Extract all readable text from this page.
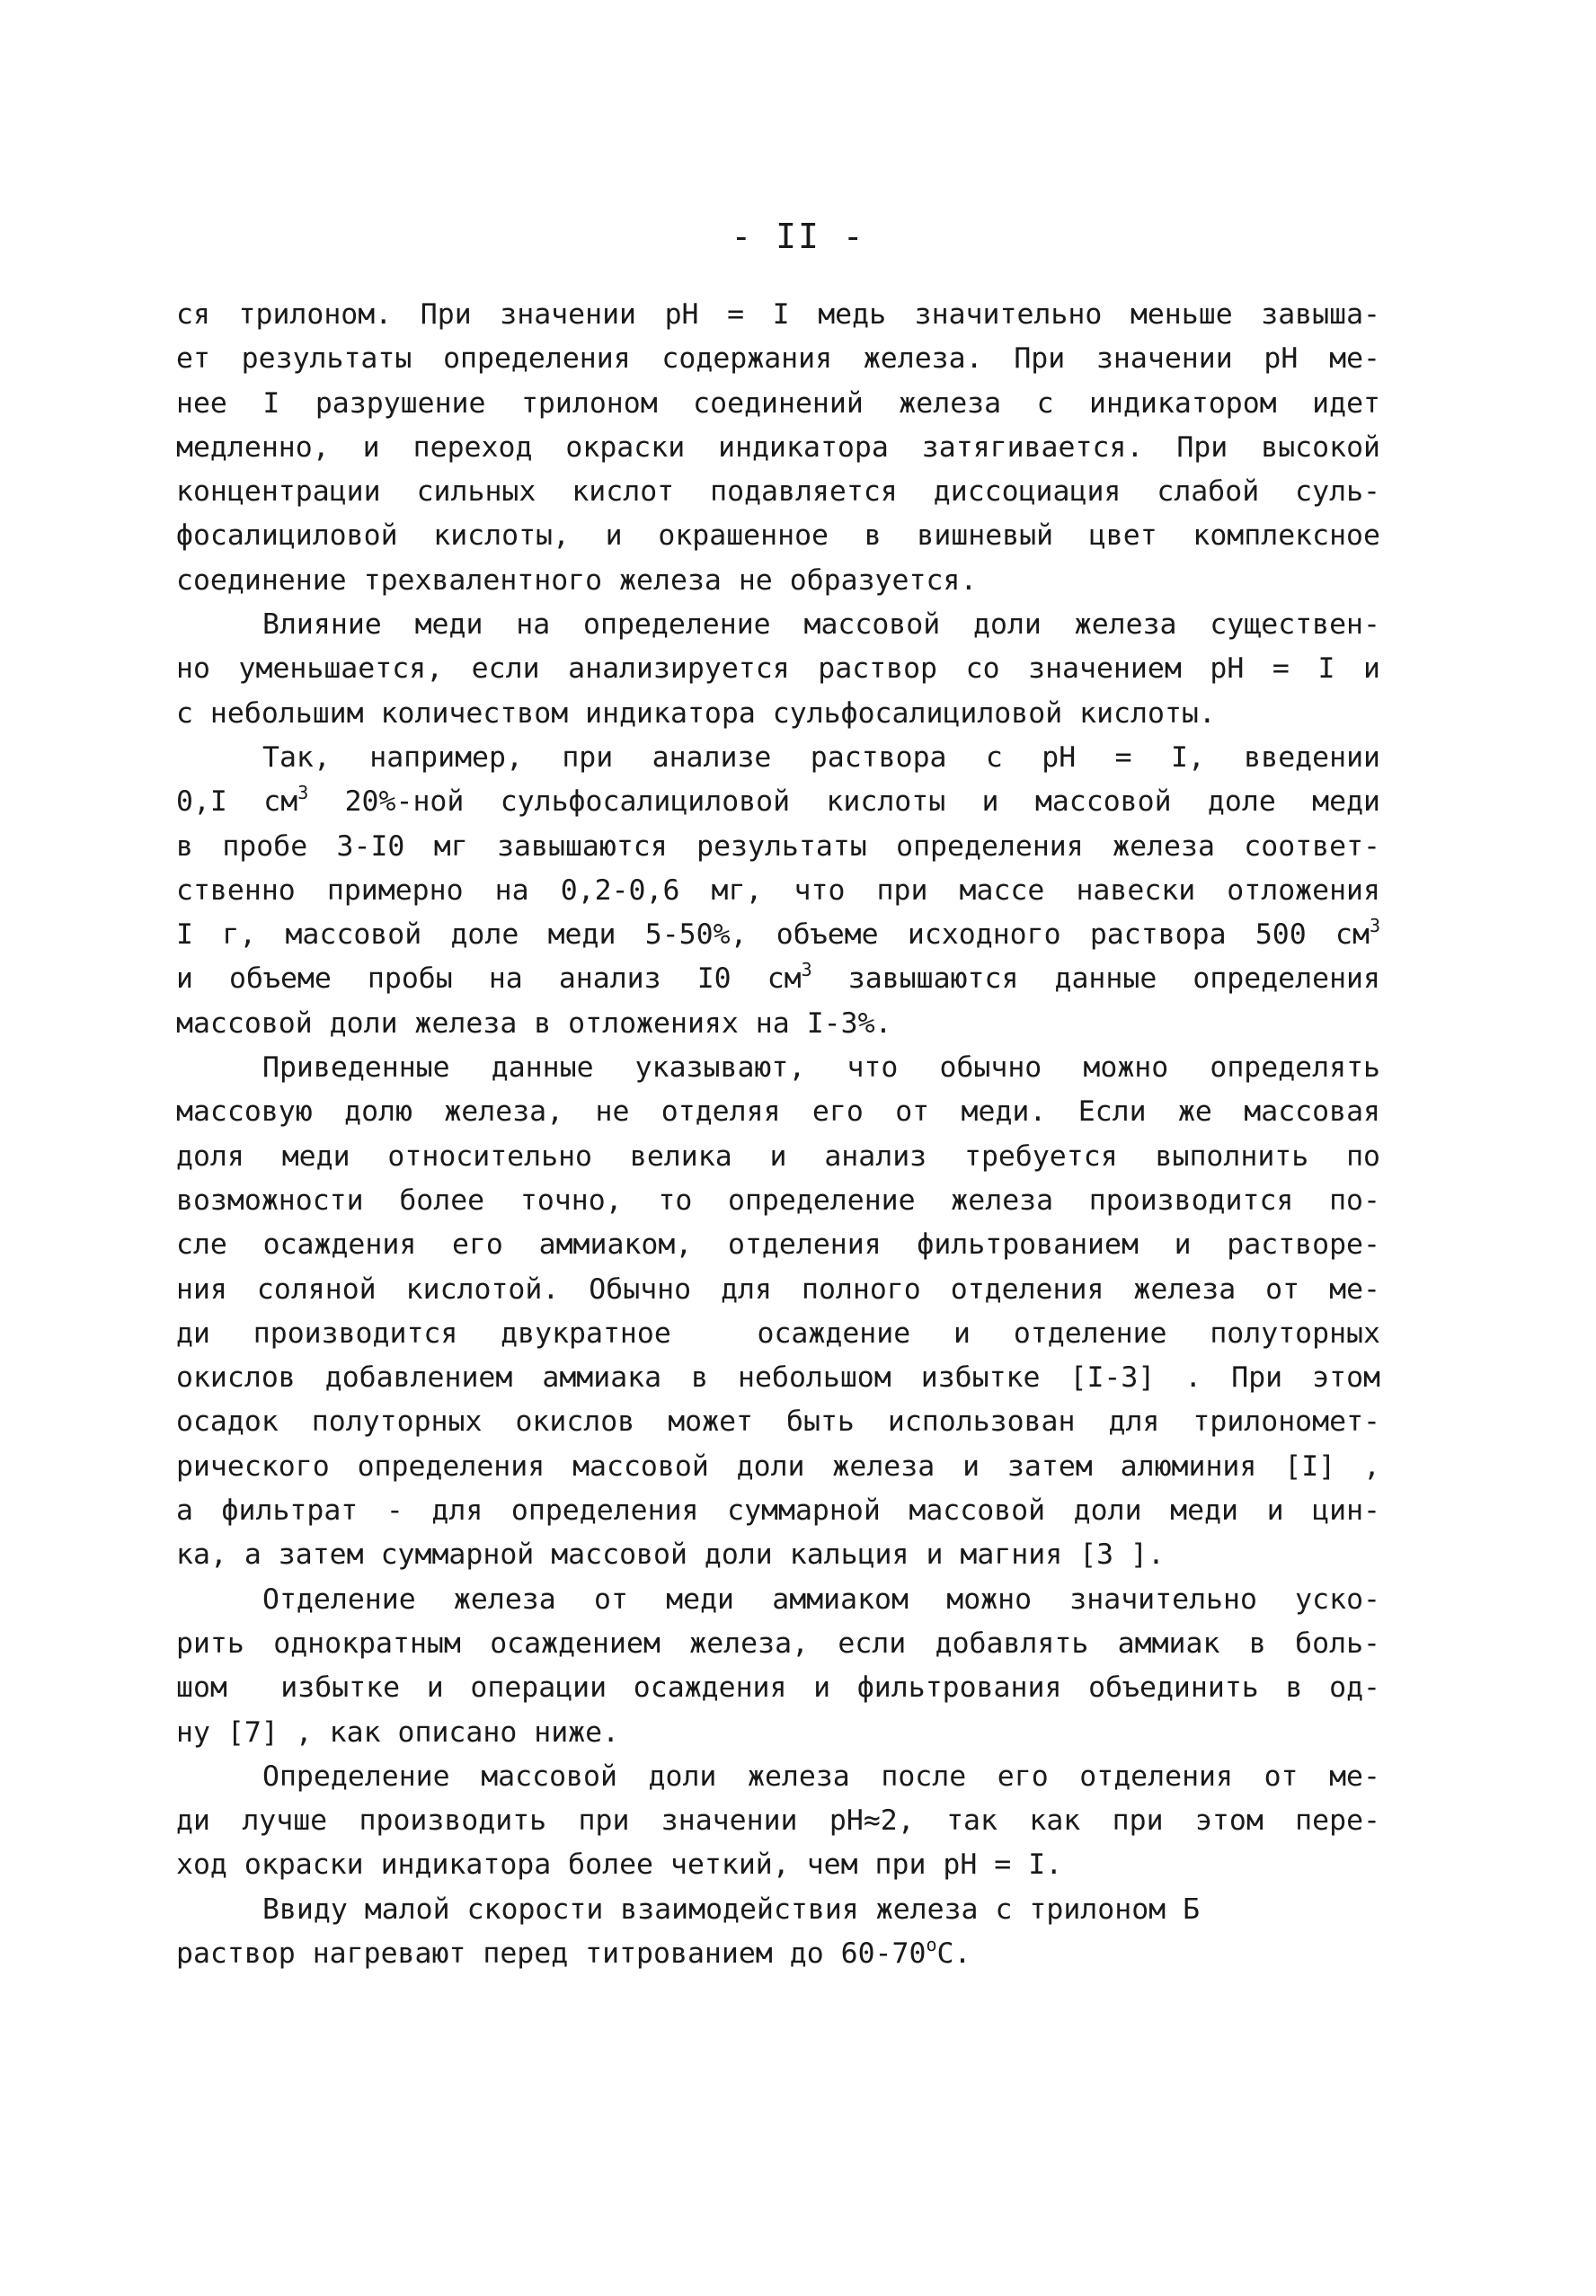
- II -

ся трилоном. При значении pH = I медь значительно меньше завыша-
ет результаты определения содержания железа. При значении pH ме-
нее I разрушение трилоном соединений железа с индикатором идет
медленно, и переход окраски индикатора затягивается. При высокой
концентрации сильных кислот подавляется диссоциация слабой суль-
фосалициловой кислоты, и окрашенное в вишневый цвет комплексное
соединение трехвалентного железа не образуется.

Влияние меди на определение массовой доли железа существен-
но уменьшается, если анализируется раствор со значением pH = I и
с небольшим количеством индикатора сульфосалициловой кислоты.

Так, например, при анализе раствора с pH = I, введении
0,I $см^3$ 20%-ной сульфосалициловой кислоты и массовой доле меди
в пробе 3-I0 мг завышаются результаты определения железа соответ-
ственно примерно на 0,2-0,6 мг, что при массе навески отложения
I г, массовой доле меди 5-50%, объеме исходного раствора 500 $см^3$
и объеме пробы на анализ I0 $см^3$ завышаются данные определения
массовой доли железа в отложениях на I-3%.

Приведенные данные указывают, что обычно можно определять
массовую долю железа, не отделяя его от меди. Если же массовая
доля меди относительно велика и анализ требуется выполнить по
возможности более точно, то определение железа производится по-
сле осаждения его аммиаком, отделения фильтрованием и растворе-
ния соляной кислотой. Обычно для полного отделения железа от ме-
ди производится двукратное  осаждение и отделение полуторных
окислов добавлением аммиака в небольшом избытке [I-3] . При этом
осадок полуторных окислов может быть использован для трилономет-
рического определения массовой доли железа и затем алюминия [I] ,
а фильтрат - для определения суммарной массовой доли меди и цин-
ка, а затем суммарной массовой доли кальция и магния [3 ].

Отделение железа от меди аммиаком можно значительно уско-
рить однократным осаждением железа, если добавлять аммиак в боль-
шом  избытке и операции осаждения и фильтрования объединить в од-
ну [7] , как описано ниже.

Определение массовой доли железа после его отделения от ме-
ди лучше производить при значении pH≈2, так как при этом пере-
ход окраски индикатора более четкий, чем при pH = I.

Ввиду малой скорости взаимодействия железа с трилоном Б
раствор нагревают перед титрованием до $60-70^оС$.
